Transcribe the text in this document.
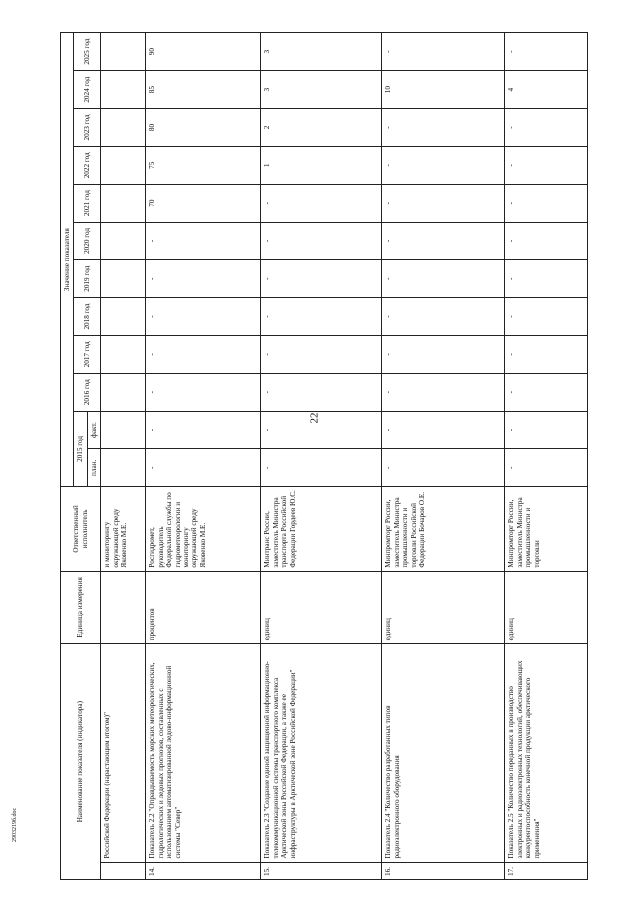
22
2903219б.doc
Наименование показателя (индикатора)		Единица измерения	Ответственный исполнитель	Значение показателя											
				2015 год		2016 год	2017 год	2018 год	2019 год	2020 год	2021 год	2022 год	2023 год	2024 год	2025 год
				план.	факт.										
	Российской Федерации (нарастающим итогом)"		и мониторингу окружающей среду Яковенко М.Е.												
14.	Показатель 2.2 "Оправдываемость морских метеорологических, гидрологических и ледовых прогнозов, составленных с использованием автоматизированной ледово-информационной системы "Север"	процентов	Росгидромет, руководитель Федеральной службы по гидрометеорологии и мониторингу окружающей среду Яковенко М.Е.	-	-	-	-	-	-	-	70	75	80	85	90
15.	Показатель 2.3 "Создание единой защищенной информационно-телекоммуникационной системы транспортного комплекса Арктической зоны Российской Федерации, а также ее инфраструктуры в Арктической зоне Российской Федерации"	единиц	Минтранс России, заместитель Министра транспорта Российской Федерации Гордеев Ю.С.	-	-	-	-	-	-	-	-	1	2	3	3
16.	Показатель 2.4 "Количество разработанных типов радиоэлектронного оборудования	единиц	Минпромторг России, заместитель Министра промышленности и торговли Российской Федерации Бочаров О.Е.	-	-	-	-	-	-	-	-	-	-	10	-
17.	Показатель 2.5 "Количество переданных в производство электронных и радиоэлектронных технологий, обеспечивающих конкурентоспособность конечной продукции арктического применения"	единиц	Минпромторг России, заместитель Министра промышленности и торговли	-	-	-	-	-	-	-	-	-	-	4	-
